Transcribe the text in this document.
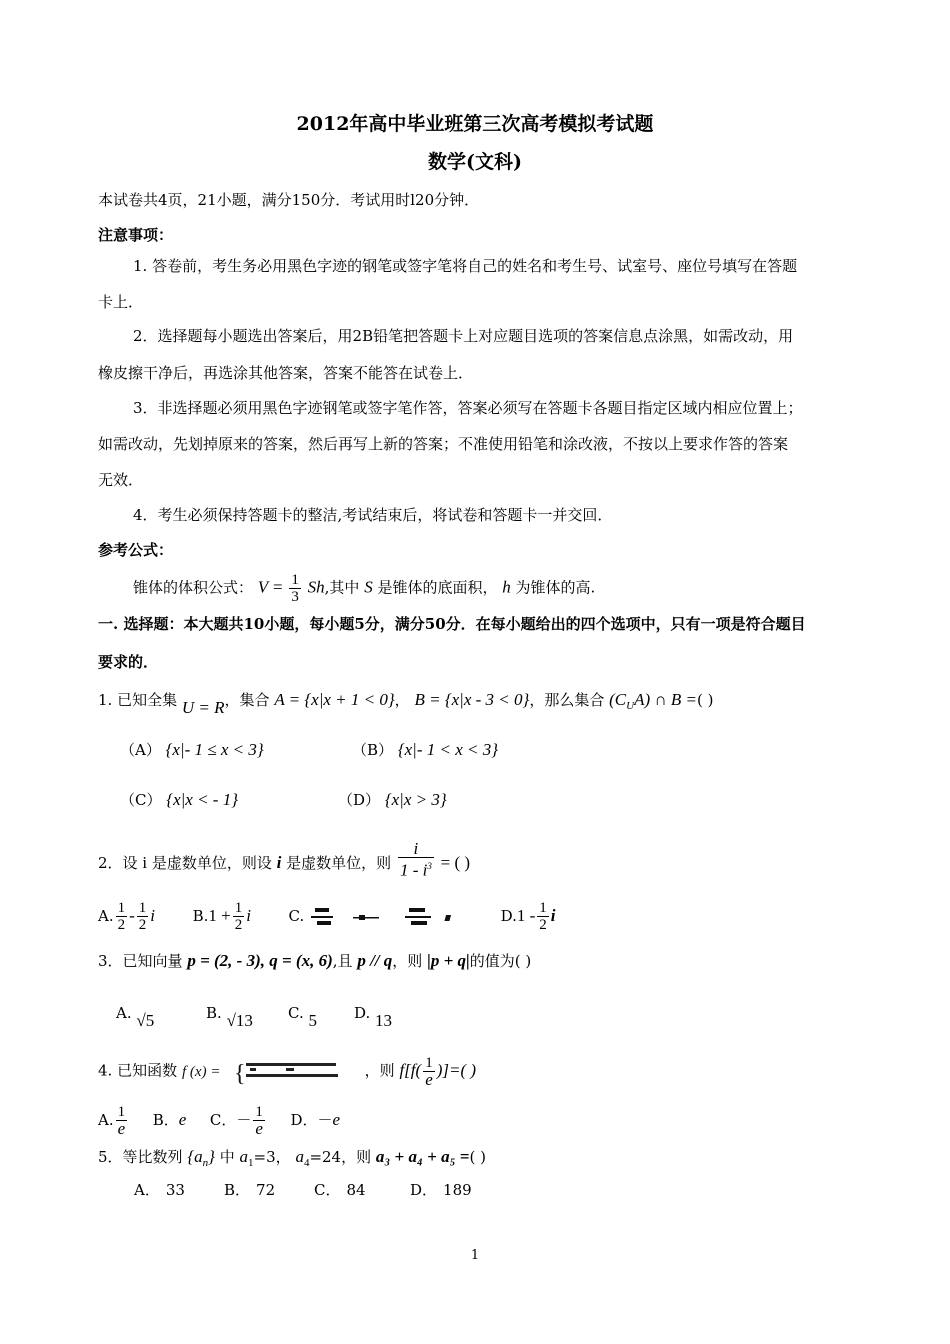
2012年高中毕业班第三次高考模拟考试题
数学(文科)
本试卷共4页，21小题，满分150分．考试用时l20分钟．
注意事项：
1. 答卷前，考生务必用黑色字迹的钢笔或签字笔将自己的姓名和考生号、试室号、座位号填写在答题
卡上．
2．选择题每小题选出答案后，用2B铅笔把答题卡上对应题目选项的答案信息点涂黑，如需改动，用
橡皮擦干净后，再选涂其他答案，答案不能答在试卷上．
3．非选择题必须用黑色字迹钢笔或签字笔作答，答案必须写在答题卡各题目指定区域内相应位置上；
如需改动，先划掉原来的答案，然后再写上新的答案；不准使用铅笔和涂改液，不按以上要求作答的答案
无效．
4．考生必须保持答题卡的整洁,考试结束后，将试卷和答题卡一并交回．
参考公式：
锥体的体积公式： $V = \frac{1}{3} Sh$,其中 S 是锥体的底面积， h 为锥体的高.
一. 选择题：本大题共10小题，每小题5分，满分50分．在每小题给出的四个选项中，只有一项是符合题目
要求的．
1. 已知全集 U = R，集合 A = {x|x + 1 < 0}， B = {x|x - 3 < 0}，那么集合 $(C_UA)$ ∩ B =( )
（A） {x|- 1 ≤ x < 3}	（B） {x|- 1 < x < 3}
（C） {x|x < - 1}	（D） {x|x > 3}
2．设 i 是虚数单位，则设 i 是虚数单位，则 $\frac{i}{1 - i^3}$ = ( )
A. $\frac{1}{2} - \frac{1}{2}$ i	$B.1 + \frac{1}{2}$ i	C.	$D.1 - \frac{1}{2}$ i
3．已知向量 p = (2, - 3), q = (x, 6),且 p // q，则 |p + q|的值为( )
A. √5	B. √13 C. 5 D. 13
4. 已知函数 f (x) = {	，则 $f[f( \frac{1}{e}$ )]=( )
A. $\frac{1}{e}$ B．e C．－ $\frac{1}{e}$ D．－e
5．等比数列 $\{a_n\}$ 中 $a_1=3$， $a_4=24$，则 a₃ + a₄ + a₅ =( )
A． 33	B． 72	C． 84	D． 189
1
